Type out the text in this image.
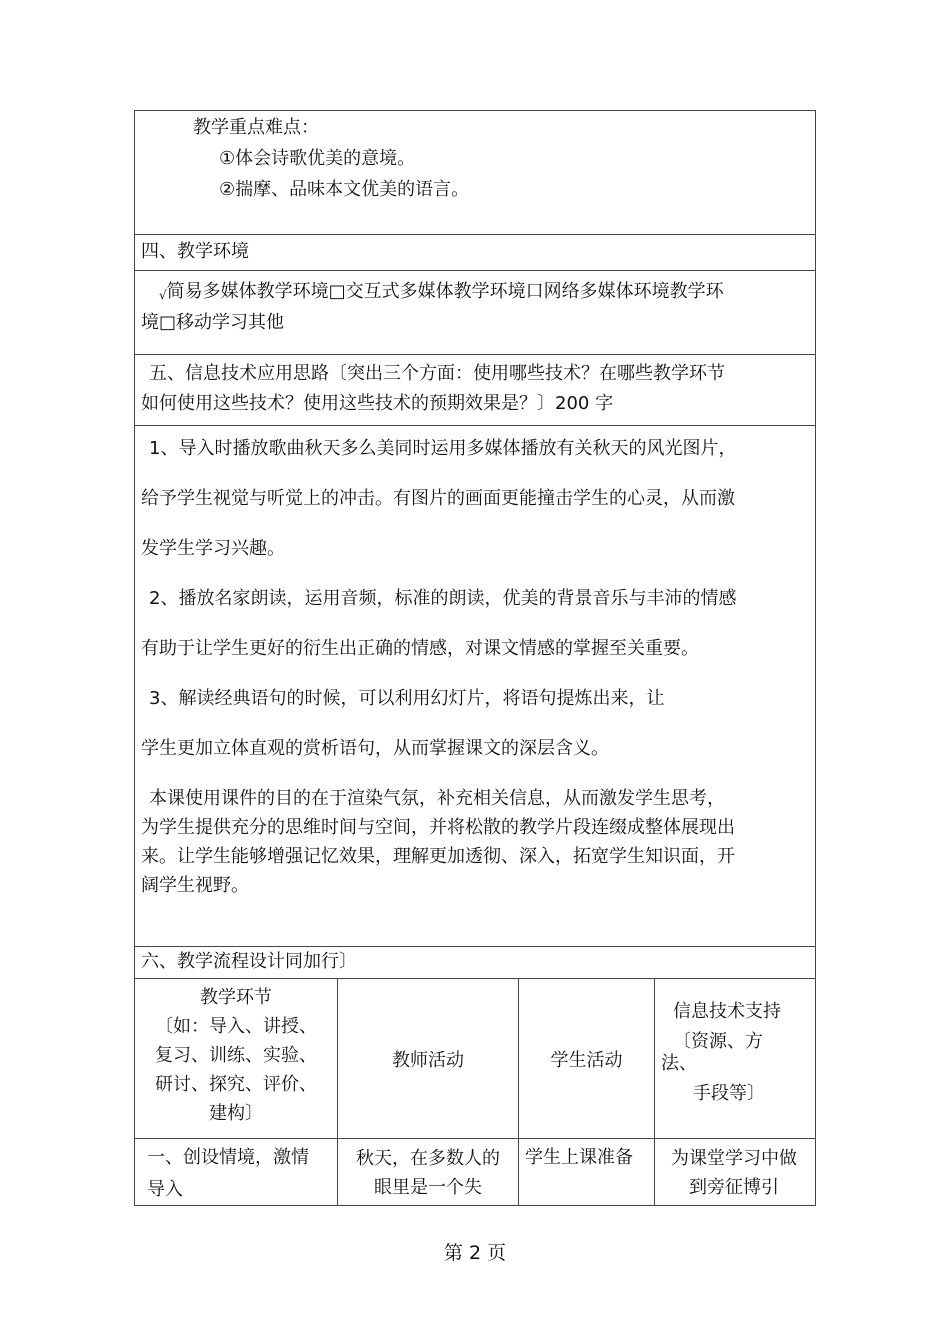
教学重点难点：
①体会诗歌优美的意境。
②揣摩、品味本文优美的语言。
四、教学环境
√简易多媒体教学环境□交互式多媒体教学环境口网络多媒体环境教学环
境□移动学习其他
五、信息技术应用思路〔突出三个方面：使用哪些技术？在哪些教学环节
如何使用这些技术？使用这些技术的预期效果是？〕200 字
1、导入时播放歌曲秋天多么美同时运用多媒体播放有关秋天的风光图片，
给予学生视觉与听觉上的冲击。有图片的画面更能撞击学生的心灵，从而激
发学生学习兴趣。
2、播放名家朗读，运用音频，标准的朗读，优美的背景音乐与丰沛的情感
有助于让学生更好的衍生出正确的情感，对课文情感的掌握至关重要。
3、解读经典语句的时候，可以利用幻灯片，将语句提炼出来，让
学生更加立体直观的赏析语句，从而掌握课文的深层含义。
本课使用课件的目的在于渲染气氛，补充相关信息，从而激发学生思考，
为学生提供充分的思维时间与空间，并将松散的教学片段连缀成整体展现出
来。让学生能够增强记忆效果，理解更加透彻、深入，拓宽学生知识面，开
阔学生视野。
六、教学流程设计同加行〕
教学环节
〔如：导入、讲授、
复习、训练、实验、
研讨、探究、评价、
建构〕
教师活动	学生活动
信息技术支持
〔资源、方
法、
手段等〕
一、创设情境，激情
导入
秋天，在多数人的
眼里是一个失
学生上课准备	为课堂学习中做
到旁征博引
第 2 页
